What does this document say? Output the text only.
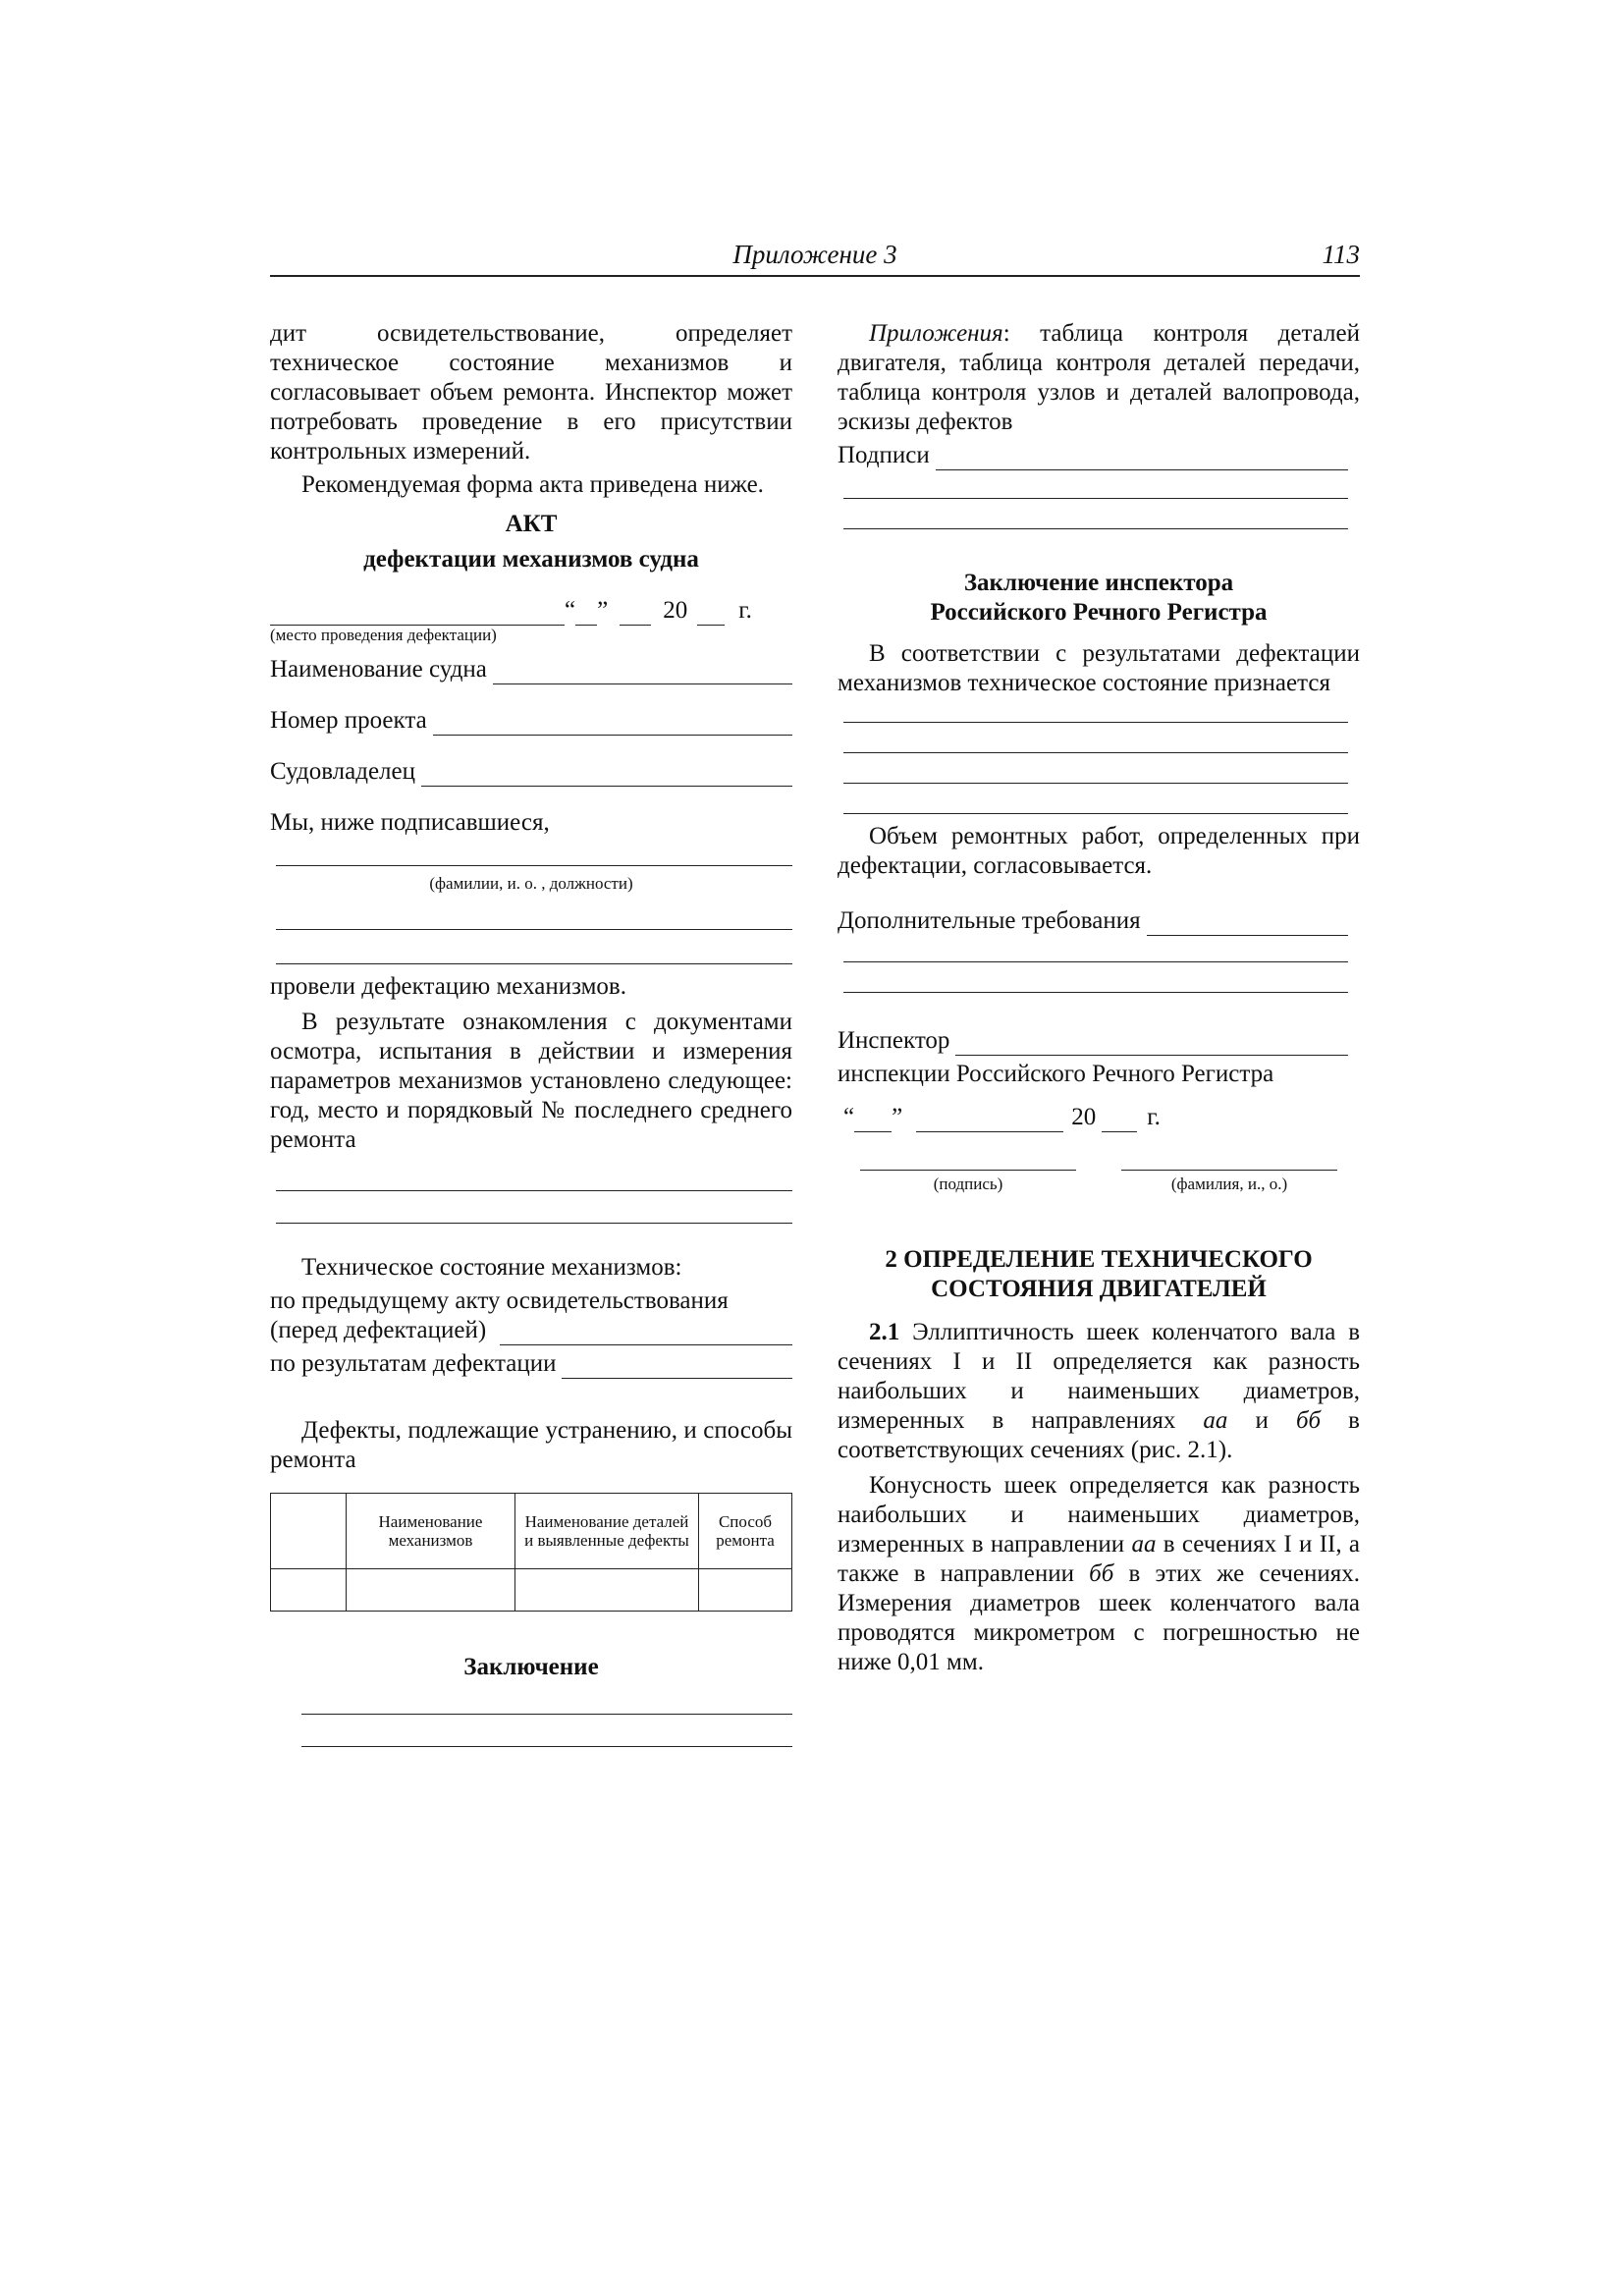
Приложение 3	113

дит освидетельствование, определяет техническое состояние механизмов и согласовывает объем ремонта. Инспектор может потребовать проведение в его присутствии контрольных измерений.

Рекомендуемая форма акта приведена ниже.

АКТ

дефектации механизмов судна

“ ” 20 г.

(место проведения дефектации)

Наименование судна
Номер проекта
Судовладелец

Мы, ниже подписавшиеся,

(фамилии, и. о. , должности)

провели дефектацию механизмов.

В результате ознакомления с документами осмотра, испытания в действии и измерения параметров механизмов установлено следующее: год, место и порядковый № последнего среднего ремонта

Техническое состояние механизмов:

по предыдущему акту освидетельствования

(перед дефектацией)
по результатам дефектации

Дефекты, подлежащие устранению, и способы ремонта

	Наименование механизмов	Наименование деталей и выявленные дефекты	Способ ремонта

Заключение

Приложения: таблица контроля деталей двигателя, таблица контроля деталей передачи, таблица контроля узлов и деталей валопровода, эскизы дефектов

Подписи

Заключение инспектора

Российского Речного Регистра

В соответствии с результатами дефектации механизмов техническое состояние признается

Объем ремонтных работ, определенных при дефектации, согласовывается.

Дополнительные требования
Инспектор

инспекции Российского Речного Регистра

“ ”	20 г.
(подпись)	(фамилия, и., о.)

2 ОПРЕДЕЛЕНИЕ ТЕХНИЧЕСКОГО

СОСТОЯНИЯ ДВИГАТЕЛЕЙ

2.1 Эллиптичность шеек коленчатого вала в сечениях I и II определяется как разность наибольших и наименьших диаметров, измеренных в направлениях аа и бб в соответствующих сечениях (рис. 2.1).

Конусность шеек определяется как разность наибольших и наименьших диаметров, измеренных в направлении аа в сечениях I и II, а также в направлении бб в этих же сечениях. Измерения диаметров шеек коленчатого вала проводятся микрометром с погрешностью не ниже 0,01 мм.
